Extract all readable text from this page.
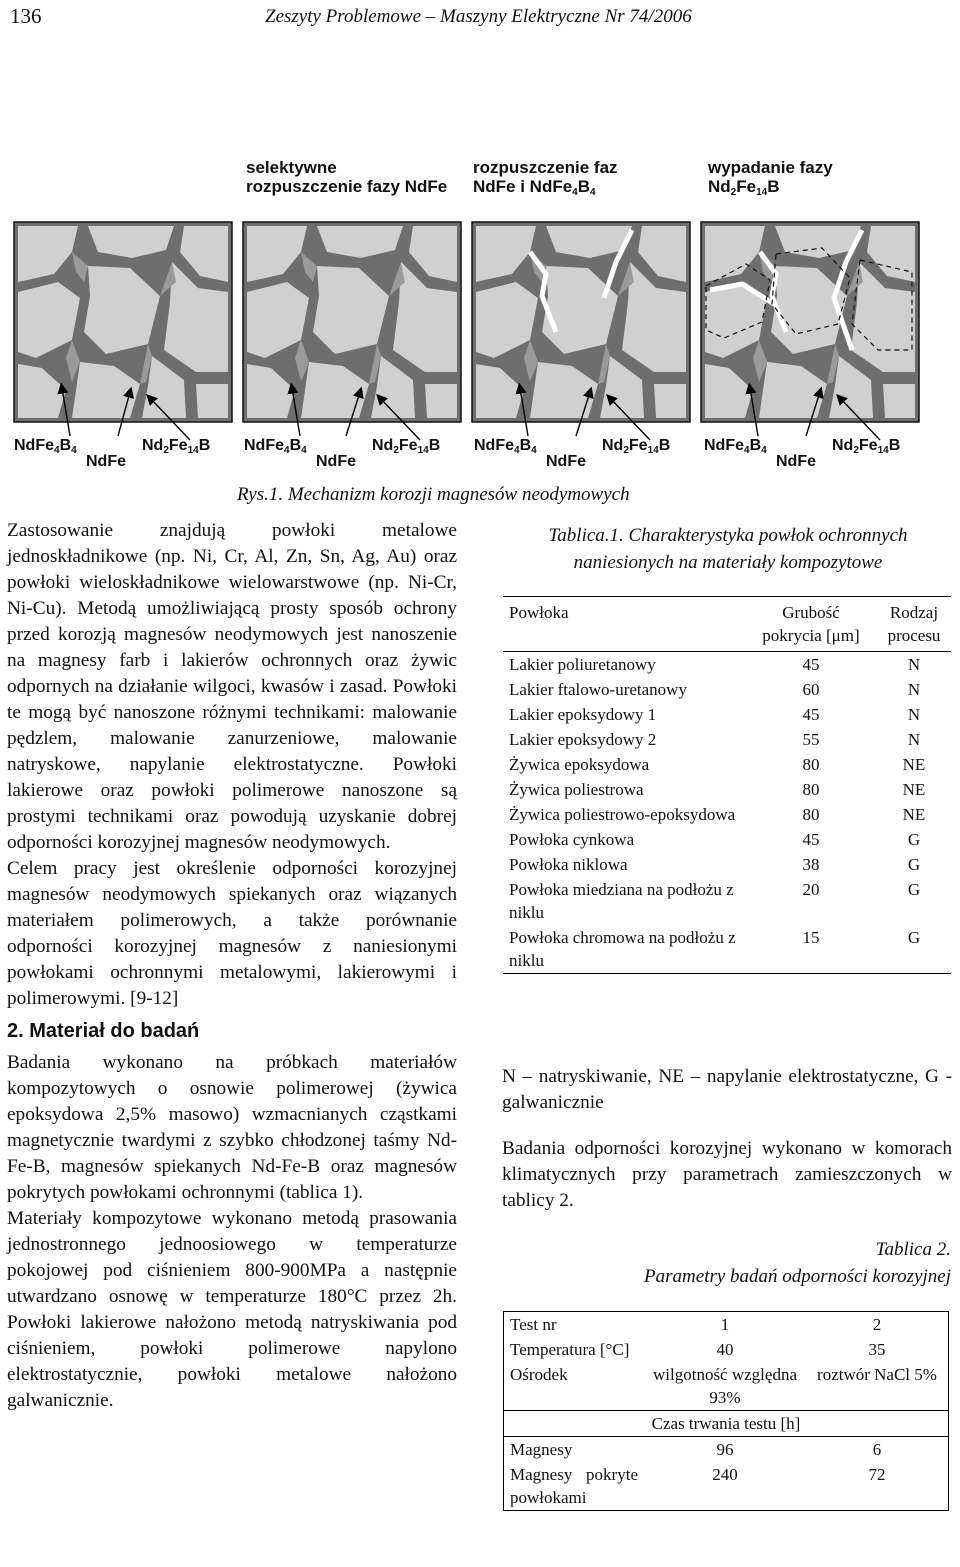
136	Zeszyty Problemowe – Maszyny Elektryczne Nr 74/2006
selektywne
rozpuszczenie fazy NdFe
rozpuszczenie faz
NdFe i $NdFe_4B_4$
wypadanie fazy
$Nd_2Fe_{14}B$
$NdFe_4B_4$
NdFe
$Nd_2Fe_{14}B$ $NdFe_4B_4$
NdFe
$Nd_2Fe_{14}B$ $NdFe_4B_4$
NdFe
$Nd_2Fe_{14}B$ $NdFe_4B_4$
NdFe
$Nd_2Fe_{14}B$
Rys.1. Mechanizm korozji magnesów neodymowych

Zastosowanie znajdują powłoki metalowe jednoskładnikowe (np. Ni, Cr, Al, Zn, Sn, Ag, Au) oraz powłoki wieloskładnikowe wielowarstwowe (np. Ni-Cr, Ni-Cu). Metodą umożliwiającą prosty sposób ochrony przed korozją magnesów neodymowych jest nanoszenie na magnesy farb i lakierów ochronnych oraz żywic odpornych na działanie wilgoci, kwasów i zasad. Powłoki te mogą być nanoszone różnymi technikami: malowanie pędzlem, malowanie zanurzeniowe, malowanie natryskowe, napylanie elektrostatyczne. Powłoki lakierowe oraz powłoki polimerowe nanoszone są prostymi technikami oraz powodują uzyskanie dobrej odporności korozyjnej magnesów neodymowych.

Celem pracy jest określenie odporności korozyjnej magnesów neodymowych spiekanych oraz wiązanych materiałem polimerowych, a także porównanie odporności korozyjnej magnesów z naniesionymi powłokami ochronnymi metalowymi, lakierowymi i polimerowymi. [9-12]

2. Materiał do badań

Badania wykonano na próbkach materiałów kompozytowych o osnowie polimerowej (żywica epoksydowa 2,5% masowo) wzmacnianych cząstkami magnetycznie twardymi z szybko chłodzonej taśmy Nd-Fe-B, magnesów spiekanych Nd-Fe-B oraz magnesów pokrytych powłokami ochronnymi (tablica 1).

Materiały kompozytowe wykonano metodą prasowania jednostronnego jednoosiowego w temperaturze pokojowej pod ciśnieniem 800-900MPa a następnie utwardzano osnowę w temperaturze 180°C przez 2h. Powłoki lakierowe nałożono metodą natryskiwania pod ciśnieniem, powłoki polimerowe napylono elektrostatycznie, powłoki metalowe nałożono galwanicznie.

Tablica.1. Charakterystyka powłok ochronnych
naniesionych na materiały kompozytowe
Powłoka	Grubość pokrycia [μm]	Rodzaj procesu
Lakier poliuretanowy	45	N
Lakier ftalowo-uretanowy	60	N
Lakier epoksydowy 1	45	N
Lakier epoksydowy 2	55	N
Żywica epoksydowa	80	NE
Żywica poliestrowa	80	NE
Żywica poliestrowo-epoksydowa	80	NE
Powłoka cynkowa	45	G
Powłoka niklowa	38	G
Powłoka miedziana na podłożu z niklu	20	G
Powłoka chromowa na podłożu z niklu	15	G
N – natryskiwanie, NE – napylanie elektrostatyczne, G - galwanicznie
Badania odporności korozyjnej wykonano w komorach klimatycznych przy parametrach zamieszczonych w tablicy 2.
Tablica 2.
Parametry badań odporności korozyjnej
Test nr	1	2
Temperatura [°C]	40	35
Ośrodek	wilgotność względna 93%	roztwór NaCl 5%
Czas trwania testu [h]		
Magnesy	96	6
Magnesy pokryte powłokami	240	72
